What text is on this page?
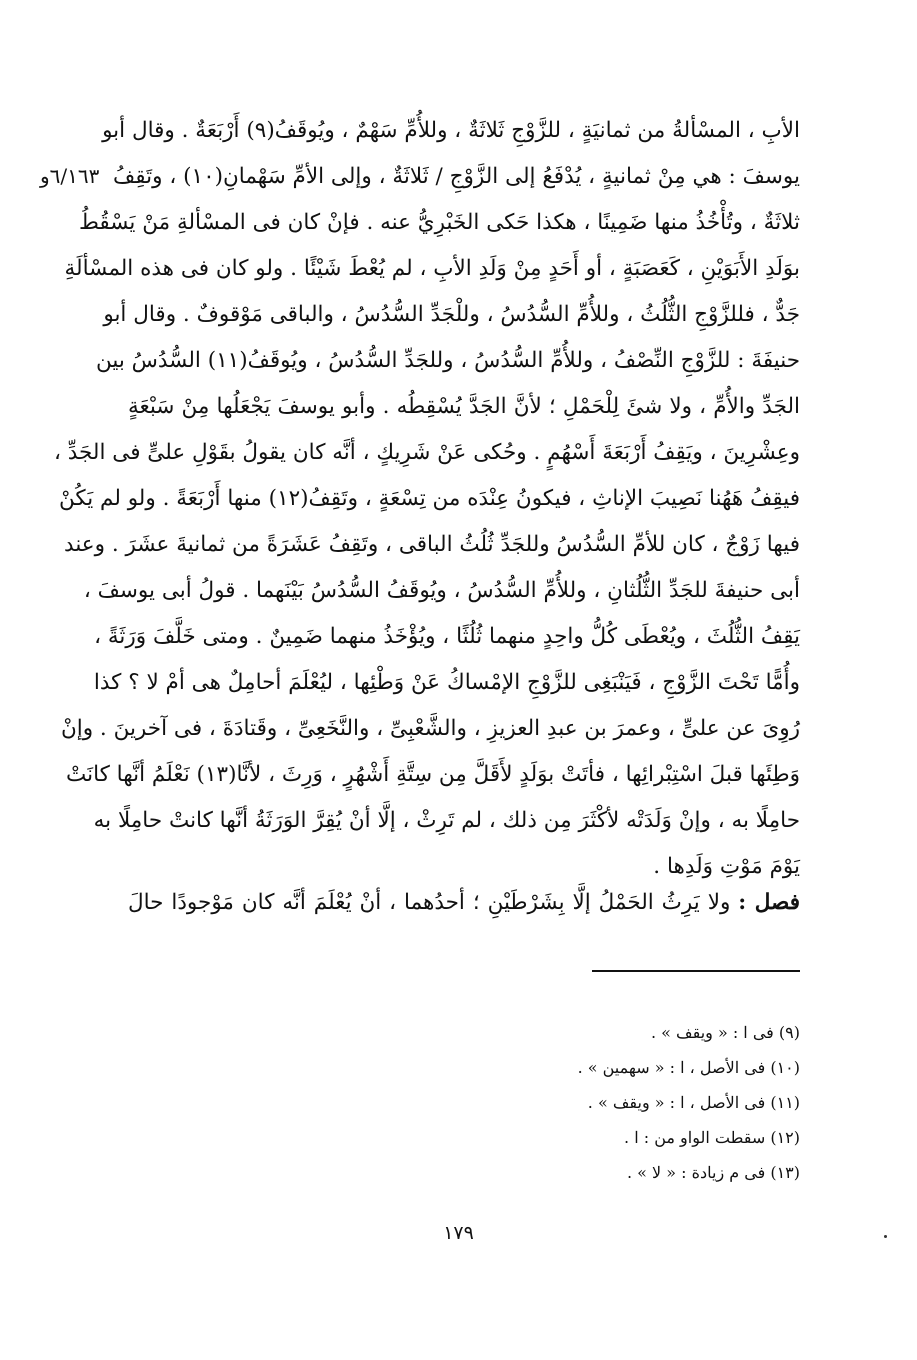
٦/١٦٣و
الأبِ ، المسْألةُ من ثمانيَةٍ ، للزَّوْجِ ثَلاثَةٌ ، وللأُمِّ سَهْمٌ ، ويُوقَفُ(٩) أَرْبَعَةٌ . وقال أبو
يوسفَ : هي مِنْ ثمانيةٍ ، يُدْفَعُ إلى الزَّوْجِ / ثَلاثَةٌ ، وإلى الأمِّ سَهْمانِ(١٠) ، وتَقِفُ
ثلاثَةٌ ، وتُأْخُذُ منها ضَمِينًا ، هكذا حَكى الخَبْرِيُّ عنه . فإنْ كان فى المسْألةِ مَنْ يَسْقُطُ
بوَلَدِ الأَبَوَيْنِ ، كَعَصَبَةٍ ، أو أَحَدٍ مِنْ وَلَدِ الأبِ ، لم يُعْطَ شَيْئًا . ولو كان فى هذه المسْألَةِ
جَدٌّ ، فللزَّوْجِ الثُّلُثُ ، وللأُمِّ السُّدُسُ ، وللْجَدِّ السُّدُسُ ، والباقى مَوْقوفٌ . وقال أبو
حنيفَةَ : للزَّوْجِ النِّصْفُ ، وللأُمِّ السُّدُسُ ، وللجَدِّ السُّدُسُ ، ويُوقَفُ(١١) السُّدُسُ بين
الجَدِّ والأُمِّ ، ولا شئَ لِلْحَمْلِ ؛ لأنَّ الجَدَّ يُسْقِطُه . وأبو يوسفَ يَجْعَلُها مِنْ سَبْعَةٍ
وعِشْرِينَ ، ويَقِفُ أَرْبَعَةَ أَسْهُمٍ . وحُكى عَنْ شَرِيكٍ ، أنَّه كان يقولُ بقَوْلِ علىٍّ فى الجَدِّ ،
فيقِفُ هَهُنا نَصِيبَ الإناثِ ، فيكونُ عِنْدَه من تِسْعَةٍ ، وتَقِفُ(١٢) منها أَرْبَعَةً . ولو لم يَكُنْ
فيها زَوْجٌ ، كان للأمِّ السُّدُسُ وللجَدِّ ثُلُثُ الباقى ، وتَقِفُ عَشَرَةً من ثمانيةَ عشَرَ . وعند
أبى حنيفةَ للجَدِّ الثُّلُثانِ ، وللأُمِّ السُّدُسُ ، ويُوقَفُ السُّدُسُ بَيْنَهما . قولُ أبى يوسفَ ،
يَقِفُ الثُّلُثَ ، ويُعْطَى كُلُّ واحِدٍ منهما ثُلُثًا ، ويُؤْخَذُ منهما ضَمِينٌ . ومتى خَلَّفَ وَرَثَةً ،
وأُمًّا تَحْتَ الزَّوْجِ ، فَيَنْبَغِى للزَّوْجِ الإمْساكُ عَنْ وَطْئِها ، ليُعْلَمَ أحامِلٌ هى أمْ لا ؟ كذا
رُوِىَ عن علىٍّ ، وعمرَ بن عبدِ العزيزِ ، والشَّعْبِىِّ ، والنَّخَعِىِّ ، وقَتادَةَ ، فى آخرينَ . وإنْ
وَطِئَها قبلَ اسْتِبْرائِها ، فأتَتْ بوَلَدٍ لأَقَلَّ مِن سِتَّةِ أَشْهُرٍ ، وَرِثَ ، لأنَّا(١٣) نَعْلَمُ أنَّها كانَتْ
حامِلًا به ، وإنْ وَلَدَتْه لأكْثَرَ مِن ذلك ، لم تَرِثْ ، إلَّا أنْ يُقِرَّ الوَرَثَةُ أنَّها كانتْ حامِلًا به
يَوْمَ مَوْتِ وَلَدِها .
فصل : ولا يَرِثُ الحَمْلُ إلَّا بِشَرْطَيْنِ ؛ أحدُهما ، أنْ يُعْلَمَ أنَّه كان مَوْجودًا حالَ
(٩) فى ا : « ويقف » .
(١٠) فى الأصل ، ا : « سهمين » .
(١١) فى الأصل ، ا : « ويقف » .
(١٢) سقطت الواو من : ا .
(١٣) فى م زيادة : « لا » .
١٧٩
